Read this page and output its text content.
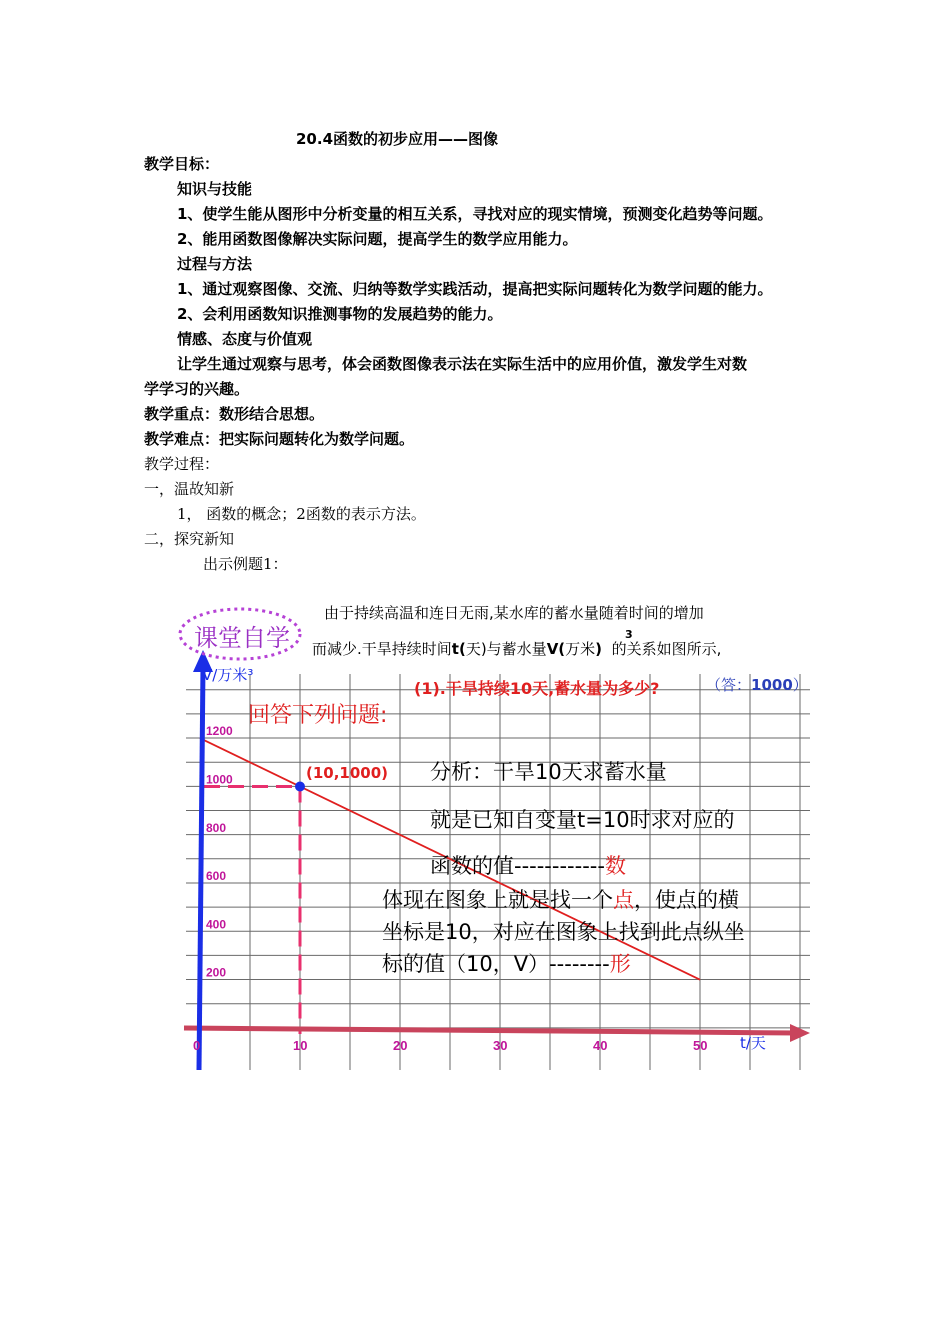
20.4函数的初步应用——图像
教学目标：
知识与技能
1、使学生能从图形中分析变量的相互关系，寻找对应的现实情境，预测变化趋势等问题。
2、能用函数图像解决实际问题，提高学生的数学应用能力。
过程与方法
1、通过观察图像、交流、归纳等数学实践活动，提高把实际问题转化为数学问题的能力。
2、会利用函数知识推测事物的发展趋势的能力。
情感、态度与价值观
让学生通过观察与思考，体会函数图像表示法在实际生活中的应用价值，激发学生对数
学学习的兴趣。
教学重点：数形结合思想。
教学难点：把实际问题转化为数学问题。
教学过程：
一，温故知新
1， 函数的概念；2函数的表示方法。
二，探究新知
出示例题1：
0	10	20	30	40	50
200
400
600
800
1000
1200
课堂自学
由于持续高温和连日无雨,某水库的蓄水量随着时间的增加
而减少.干旱持续时间t(天)与蓄水量V(万米) 的关系如图所示,
3
(1).干旱持续10天,蓄水量为多少?	（答：1000）
回答下列问题:
分析：干旱10天求蓄水量
就是已知自变量t=10时求对应的
函数的值------------数
体现在图象上就是找一个点，使点的横
坐标是10，对应在图象上找到此点纵坐
标的值（10，V）--------形
(10,1000)
V/万米³
t/天
